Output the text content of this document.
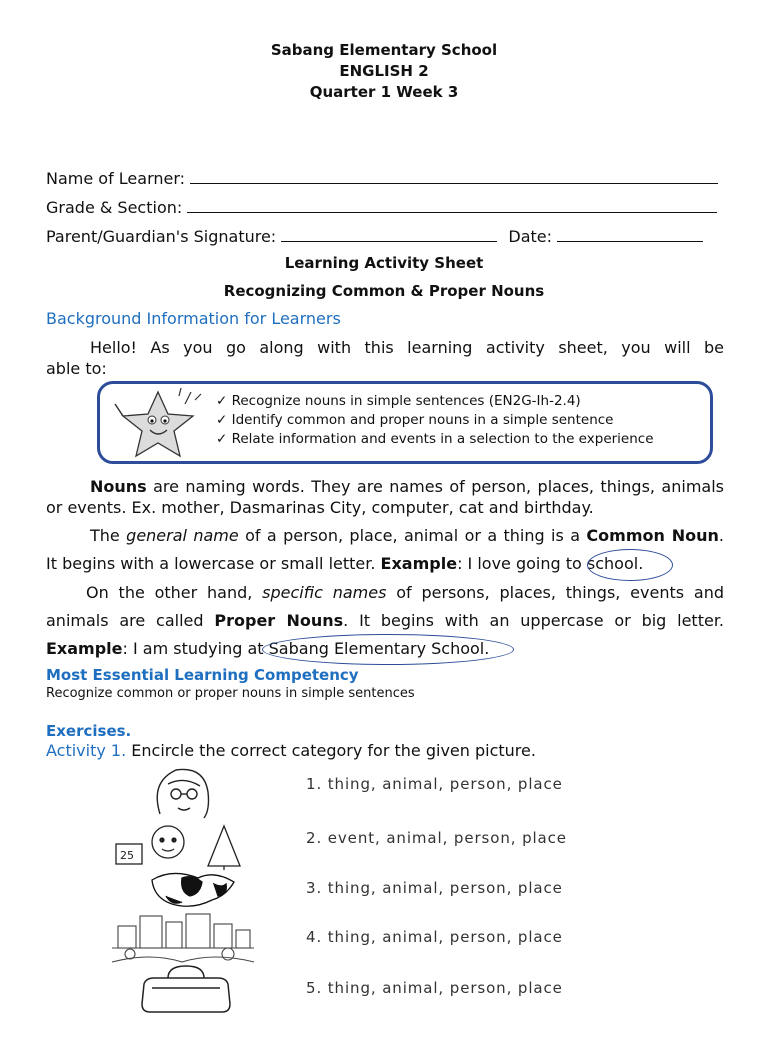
Sabang Elementary School
ENGLISH 2
Quarter 1 Week 3
Name of Learner:
Grade & Section:
Parent/Guardian's Signature:	Date:
Learning Activity Sheet
Recognizing Common & Proper Nouns
Background Information for Learners
Hello! As you go along with this learning activity sheet, you will be
able to:
✓ Recognize nouns in simple sentences (EN2G-Ih-2.4)
✓ Identify common and proper nouns in a simple sentence
✓ Relate information and events in a selection to the experience
Nouns are naming words. They are names of person, places, things, animals
or events. Ex. mother, Dasmarinas City, computer, cat and birthday.
The general name of a person, place, animal or a thing is a Common Noun.
It begins with a lowercase or small letter. Example: I love going to school.
On the other hand, specific names of persons, places, things, events and
animals are called Proper Nouns. It begins with an uppercase or big letter.
Example: I am studying at Sabang Elementary School.
Most Essential Learning Competency
Recognize common or proper nouns in simple sentences
Exercises.
Activity 1. Encircle the correct category for the given picture.
25
1. thing, animal, person, place
2. event, animal, person, place
3. thing, animal, person, place
4. thing, animal, person, place
5. thing, animal, person, place
